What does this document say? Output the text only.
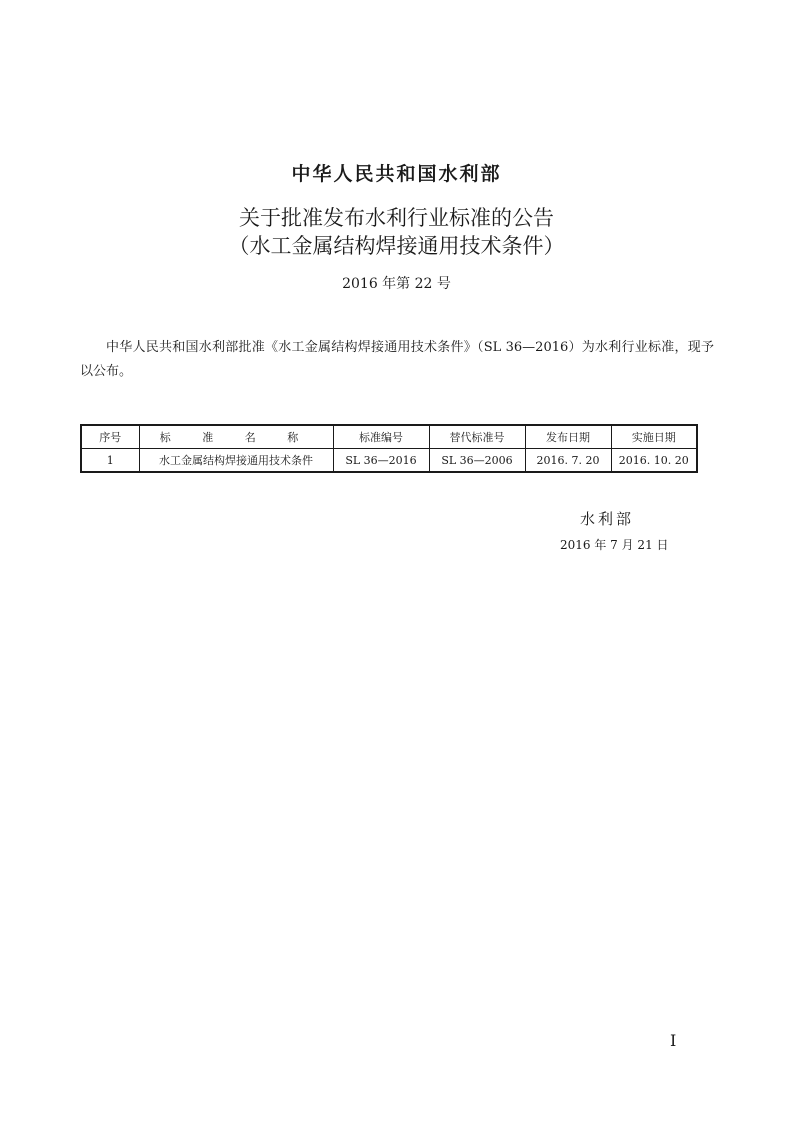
中华人民共和国水利部
关于批准发布水利行业标准的公告
（水工金属结构焊接通用技术条件）
2016 年第 22 号
中华人民共和国水利部批准《水工金属结构焊接通用技术条件》（SL 36—2016）为水利行业标准，现予以公布。
序号	标 准 名 称	标准编号	替代标准号	发布日期	实施日期
1	水工金属结构焊接通用技术条件	SL 36—2016	SL 36—2006	2016. 7. 20	2016. 10. 20
水利部
2016 年 7 月 21 日
I
